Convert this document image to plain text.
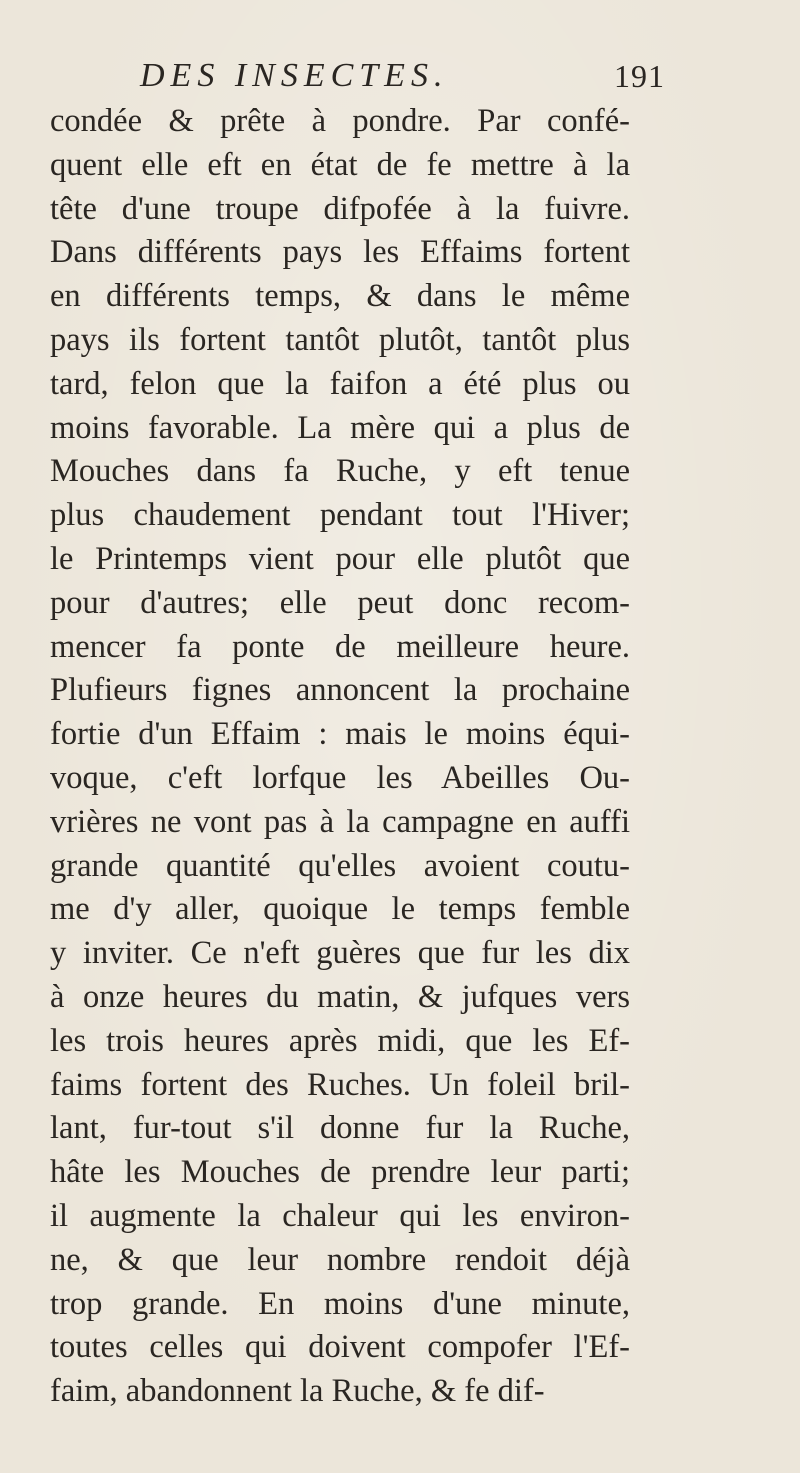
DES INSECTES.	191
condée & prête à pondre. Par confé-
quent elle eft en état de fe mettre à la
tête d'une troupe difpofée à la fuivre.
Dans différents pays les Effaims fortent
en différents temps, & dans le même
pays ils fortent tantôt plutôt, tantôt plus
tard, felon que la faifon a été plus ou
moins favorable. La mère qui a plus de
Mouches dans fa Ruche, y eft tenue
plus chaudement pendant tout l'Hiver;
le Printemps vient pour elle plutôt que
pour d'autres; elle peut donc recom-
mencer fa ponte de meilleure heure.
Plufieurs fignes annoncent la prochaine
fortie d'un Effaim : mais le moins équi-
voque, c'eft lorfque les Abeilles Ou-
vrières ne vont pas à la campagne en auffi
grande quantité qu'elles avoient coutu-
me d'y aller, quoique le temps femble
y inviter. Ce n'eft guères que fur les dix
à onze heures du matin, & jufques vers
les trois heures après midi, que les Ef-
faims fortent des Ruches. Un foleil bril-
lant, fur-tout s'il donne fur la Ruche,
hâte les Mouches de prendre leur parti;
il augmente la chaleur qui les environ-
ne, & que leur nombre rendoit déjà
trop grande. En moins d'une minute,
toutes celles qui doivent compofer l'Ef-
faim, abandonnent la Ruche, & fe dif-
